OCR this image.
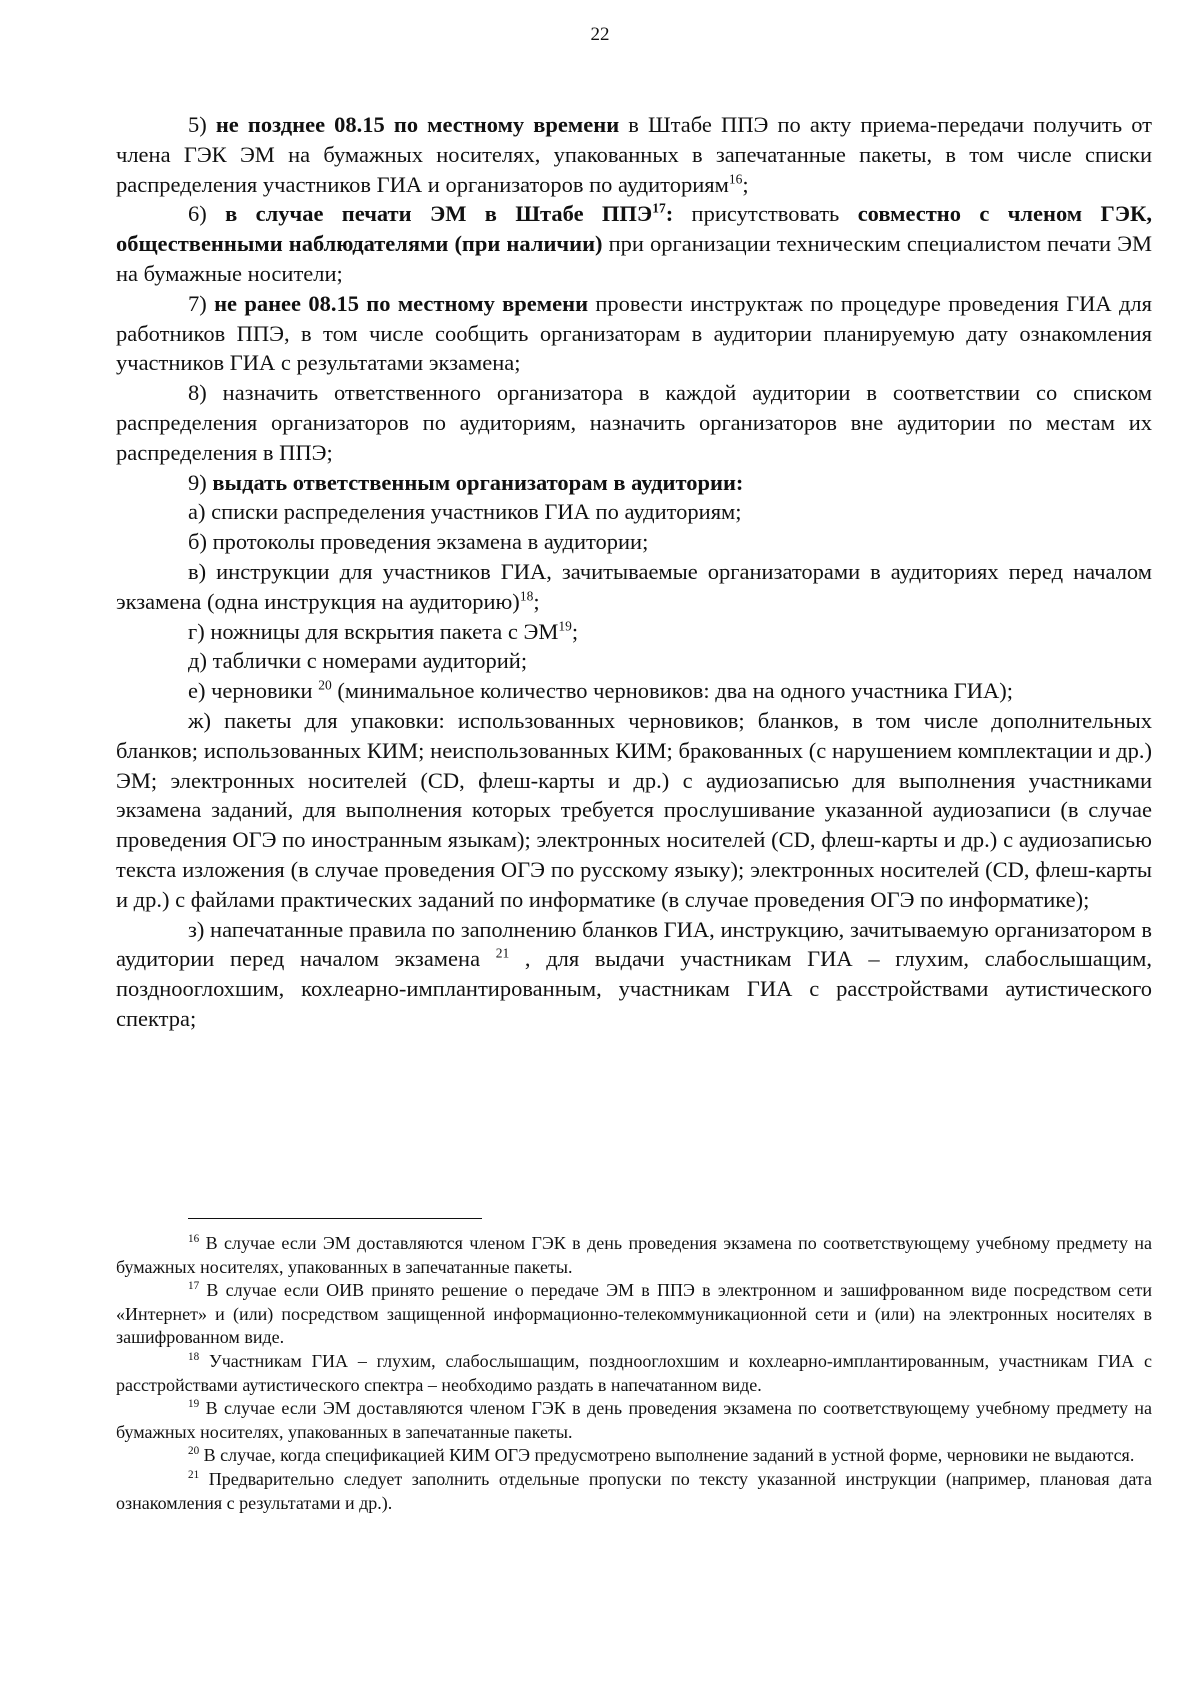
22

5) не позднее 08.15 по местному времени в Штабе ППЭ по акту приема-передачи получить от члена ГЭК ЭМ на бумажных носителях, упакованных в запечатанные пакеты, в том числе списки распределения участников ГИА и организаторов по аудиториям$^{16}$;

6) в случае печати ЭМ в Штабе ППЭ$^{17}$: присутствовать совместно с членом ГЭК, общественными наблюдателями (при наличии) при организации техническим специалистом печати ЭМ на бумажные носители;

7) не ранее 08.15 по местному времени провести инструктаж по процедуре проведения ГИА для работников ППЭ, в том числе сообщить организаторам в аудитории планируемую дату ознакомления участников ГИА с результатами экзамена;

8) назначить ответственного организатора в каждой аудитории в соответствии со списком распределения организаторов по аудиториям, назначить организаторов вне аудитории по местам их распределения в ППЭ;

9) выдать ответственным организаторам в аудитории:

а) списки распределения участников ГИА по аудиториям;

б) протоколы проведения экзамена в аудитории;

в) инструкции для участников ГИА, зачитываемые организаторами в аудиториях перед началом экзамена (одна инструкция на аудиторию)$^{18}$;

г) ножницы для вскрытия пакета с ЭМ$^{19}$;

д) таблички с номерами аудиторий;

е) черновики $^{20}$ (минимальное количество черновиков: два на одного участника ГИА);

ж) пакеты для упаковки: использованных черновиков; бланков, в том числе дополнительных бланков; использованных КИМ; неиспользованных КИМ; бракованных (с нарушением комплектации и др.) ЭМ; электронных носителей (CD, флеш-карты и др.) с аудиозаписью для выполнения участниками экзамена заданий, для выполнения которых требуется прослушивание указанной аудиозаписи (в случае проведения ОГЭ по иностранным языкам); электронных носителей (CD, флеш-карты и др.) с аудиозаписью текста изложения (в случае проведения ОГЭ по русскому языку); электронных носителей (CD, флеш-карты и др.) с файлами практических заданий по информатике (в случае проведения ОГЭ по информатике);

з) напечатанные правила по заполнению бланков ГИА, инструкцию, зачитываемую организатором в аудитории перед началом экзамена $^{21}$ , для выдачи участникам ГИА – глухим, слабослышащим, позднооглохшим, кохлеарно-имплантированным, участникам ГИА с расстройствами аутистического спектра;

$^{16}$ В случае если ЭМ доставляются членом ГЭК в день проведения экзамена по соответствующему учебному предмету на бумажных носителях, упакованных в запечатанные пакеты.

$^{17}$ В случае если ОИВ принято решение о передаче ЭМ в ППЭ в электронном и зашифрованном виде посредством сети «Интернет» и (или) посредством защищенной информационно-телекоммуникационной сети и (или) на электронных носителях в зашифрованном виде.

$^{18}$ Участникам ГИА – глухим, слабослышащим, позднооглохшим и кохлеарно-имплантированным, участникам ГИА с расстройствами аутистического спектра – необходимо раздать в напечатанном виде.

$^{19}$ В случае если ЭМ доставляются членом ГЭК в день проведения экзамена по соответствующему учебному предмету на бумажных носителях, упакованных в запечатанные пакеты.

$^{20}$ В случае, когда спецификацией КИМ ОГЭ предусмотрено выполнение заданий в устной форме, черновики не выдаются.

$^{21}$ Предварительно следует заполнить отдельные пропуски по тексту указанной инструкции (например, плановая дата ознакомления с результатами и др.).
